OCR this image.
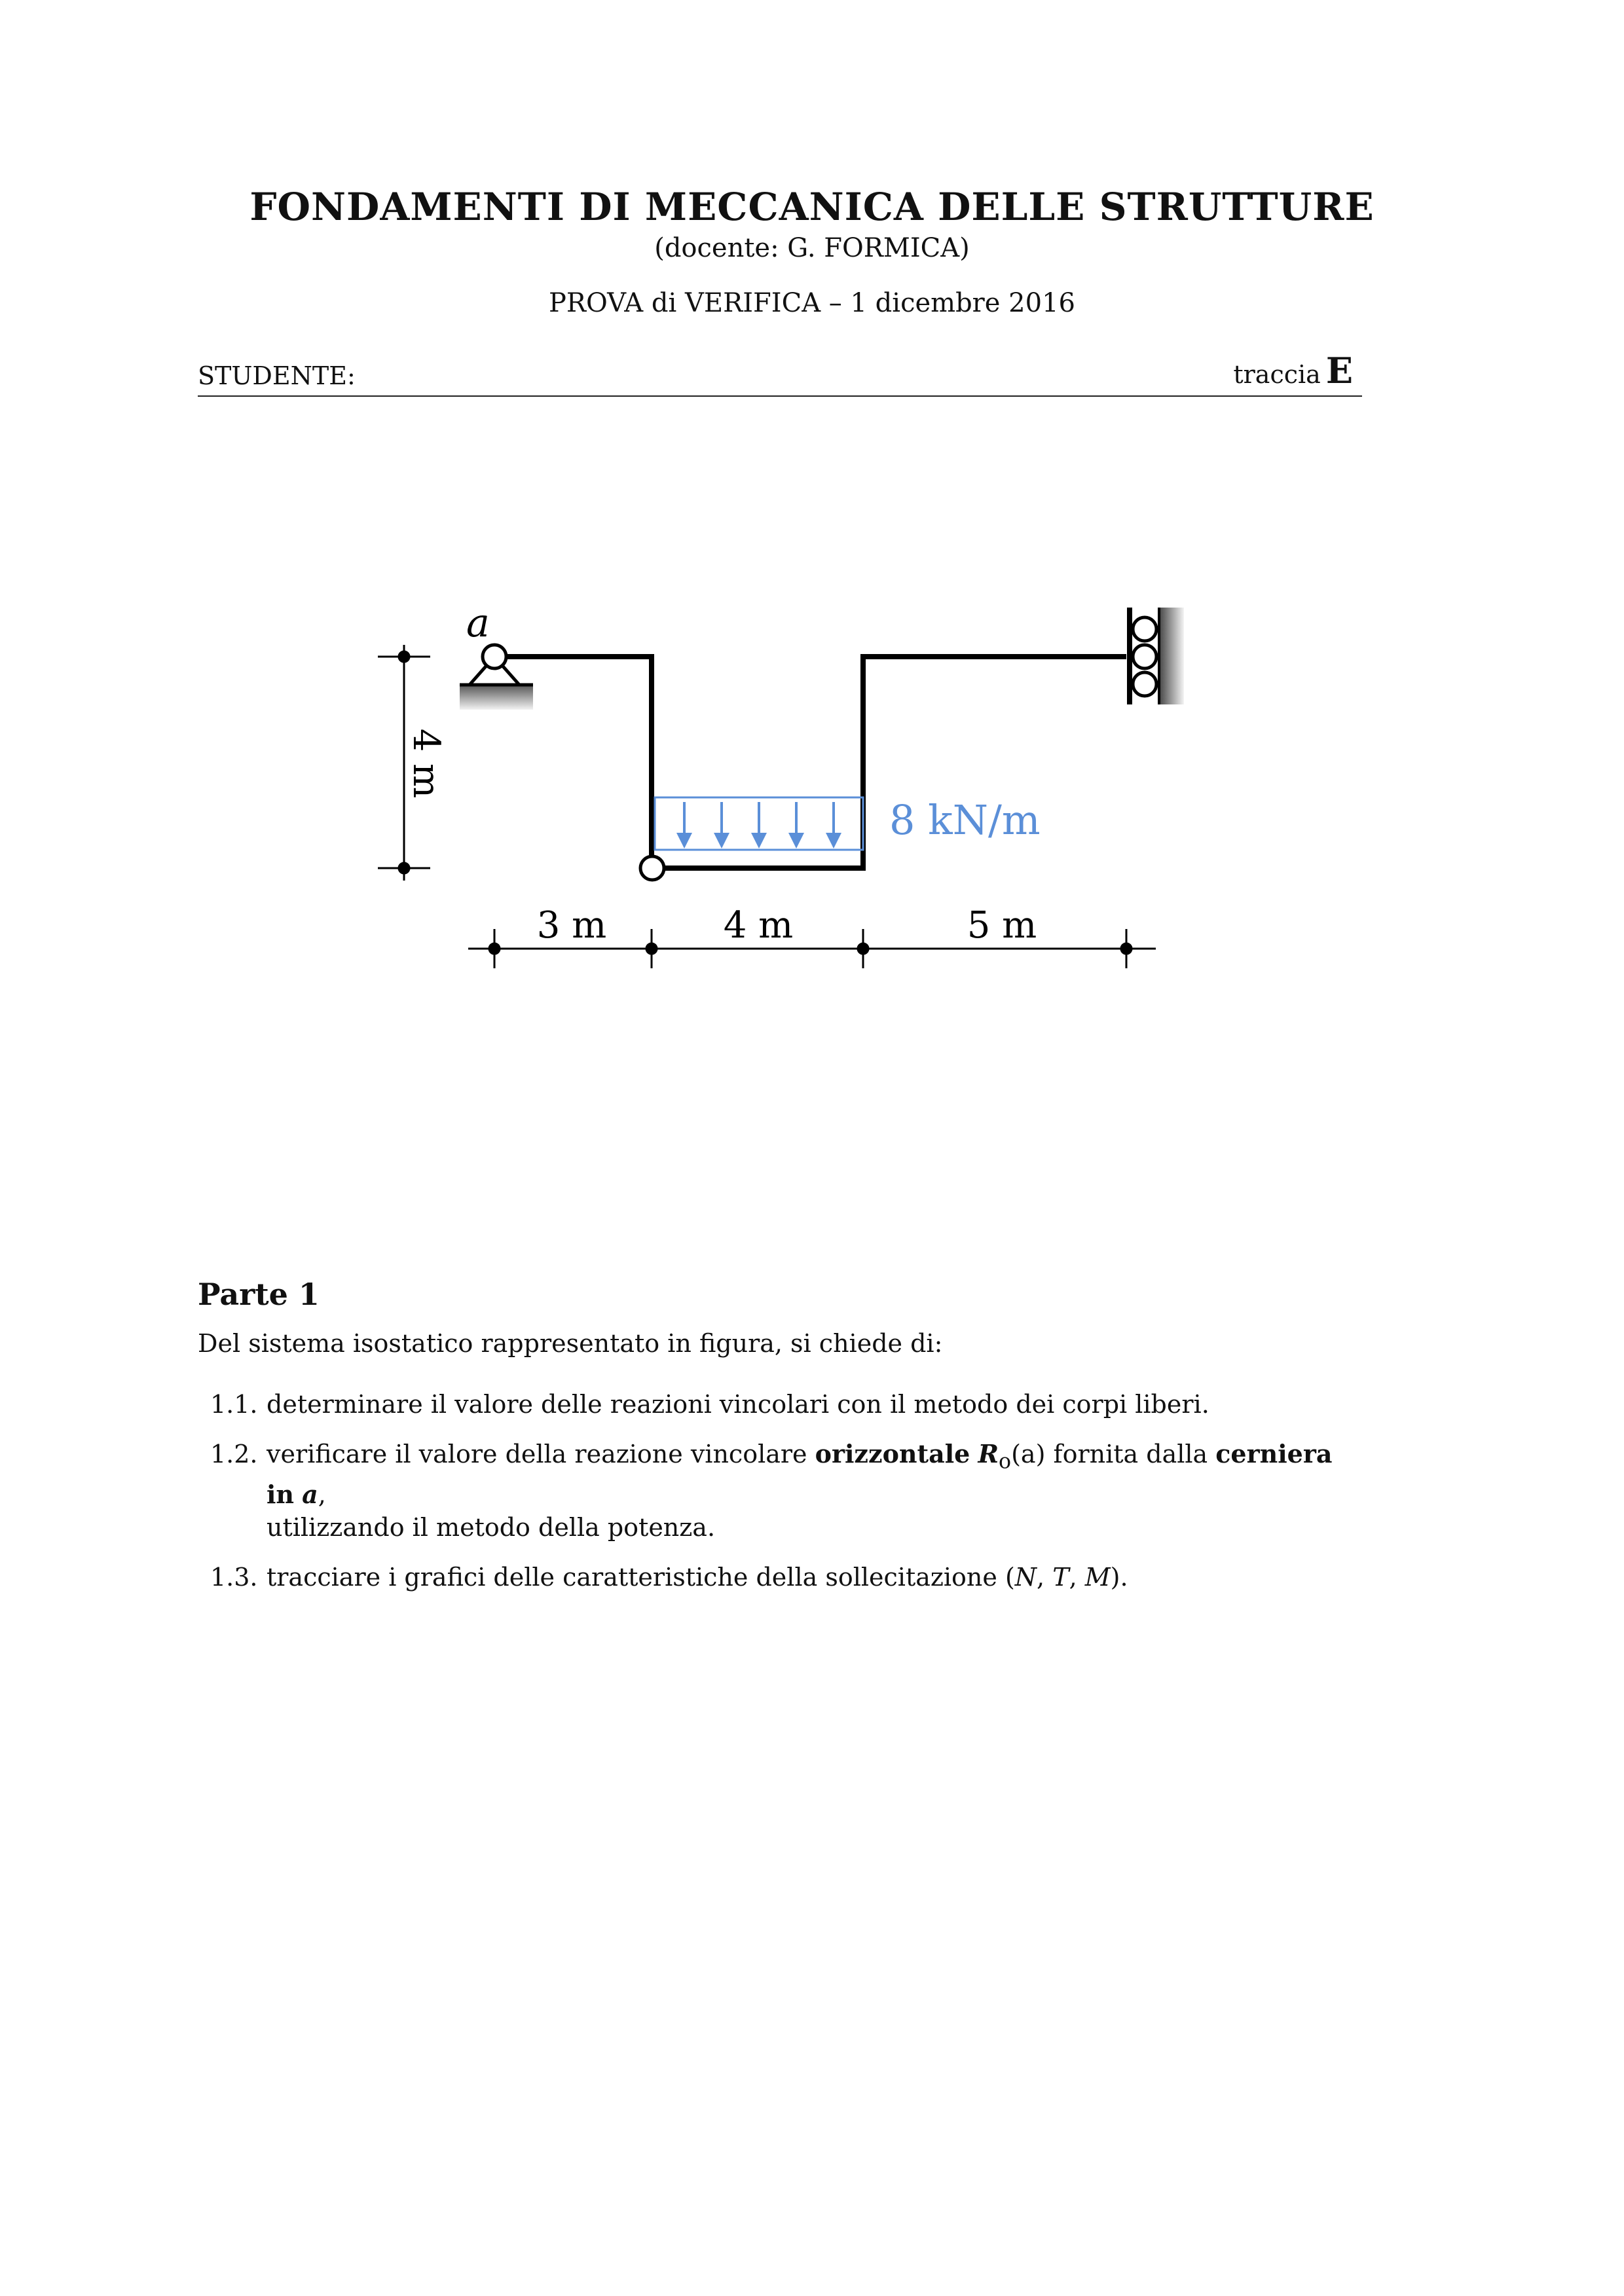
FONDAMENTI DI MECCANICA DELLE STRUTTURE
(docente: G. FORMICA)
PROVA di VERIFICA – 1 dicembre 2016
STUDENTE:	traccia E
a
8 kN/m
4 m
3 m	4 m	5 m
Parte 1
Del sistema isostatico rappresentato in figura, si chiede di:
1.1. determinare il valore delle reazioni vincolari con il metodo dei corpi liberi.
1.2. verificare il valore della reazione vincolare orizzontale $R_o(a)$ fornita dalla cerniera in a,
utilizzando il metodo della potenza.
1.3. tracciare i grafici delle caratteristiche della sollecitazione (N, T, M).
